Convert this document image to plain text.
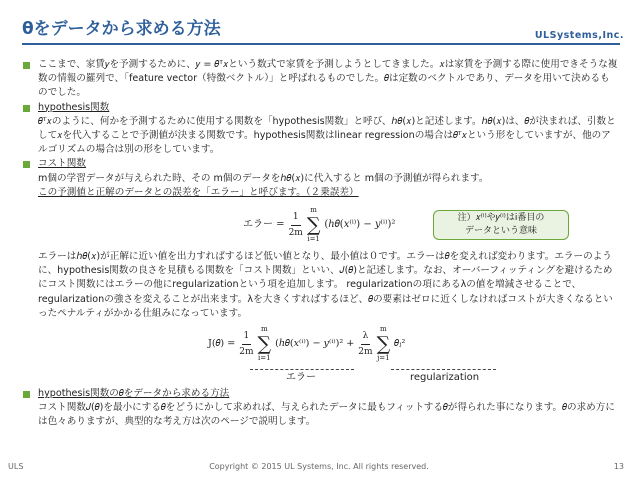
θをデータから求める方法	ULSystems,Inc.

ここまで、家賃𝑦を予測するために、𝑦 = 𝜃ᵀ𝑥という数式で家賃を予測しようとしてきました。𝑥は家賃を予測する際に使用できそうな複数の情報の羅列で、「feature vector（特徴ベクトル）」と呼ばれるものでした。𝜃は定数のベクトルであり、データを用いて決めるものでした。

hypothesis関数

𝜃ᵀ𝑥のように、何かを予測するために使用する関数を「hypothesis関数」と呼び、ℎ𝜃(𝑥)と記述します。ℎ𝜃(𝑥)は、𝜃が決まれば、引数として𝑥を代入することで予測値が決まる関数です。hypothesis関数はlinear regressionの場合は𝜃ᵀ𝑥という形をしていますが、他のアルゴリズムの場合は別の形をしています。

コスト関数

m個の学習データが与えられた時、その m個のデータをℎ𝜃(𝑥)に代入すると m個の予測値が得られます。

この予測値と正解のデータとの誤差を「エラー」と呼びます。（２乗誤差）

エラー = $\frac{1}{2m}$
m
∑
i=1
(ℎ𝜃(𝑥⁽ⁱ⁾) − 𝑦⁽ⁱ⁾)²
注）𝑥⁽ⁱ⁾や𝑦⁽ⁱ⁾はi番目の
データという意味

エラーはℎ𝜃(𝑥)が正解に近い値を出力すればするほど低い値となり、最小値は０です。エラーは𝜃を変えれば変わります。エラーのように、hypothesis関数の良さを見積もる関数を「コスト関数」といい、𝐽(𝜃)と記述します。なお、オーバーフィッティングを避けるためにコスト関数にはエラーの他にregularizationという項を追加します。 regularizationの項にあるλの値を増減させることで、regularizationの強さを変えることが出来ます。λを大きくすればするほど、𝜃の要素はゼロに近くしなければコストが大きくなるといったペナルティがかかる仕組みになっています。

J(𝜃) = $\frac{1}{2m}$
m
∑
i=1
(ℎ𝜃(𝑥⁽ⁱ⁾) − 𝑦⁽ⁱ⁾)² + $\frac{\lambda}{2m}$
m
∑
j=1
𝜃ⱼ²
エラー	regularization

hypothesis関数の𝜃をデータから求める方法

コスト関数𝐽(𝜃)を最小にする𝜃をどうにかして求めれば、与えられたデータに最もフィットする𝜃が得られた事になります。𝜃の求め方には色々ありますが、典型的な考え方は次のページで説明します。

ULS	Copyright © 2015 UL Systems, Inc. All rights reserved.	13
